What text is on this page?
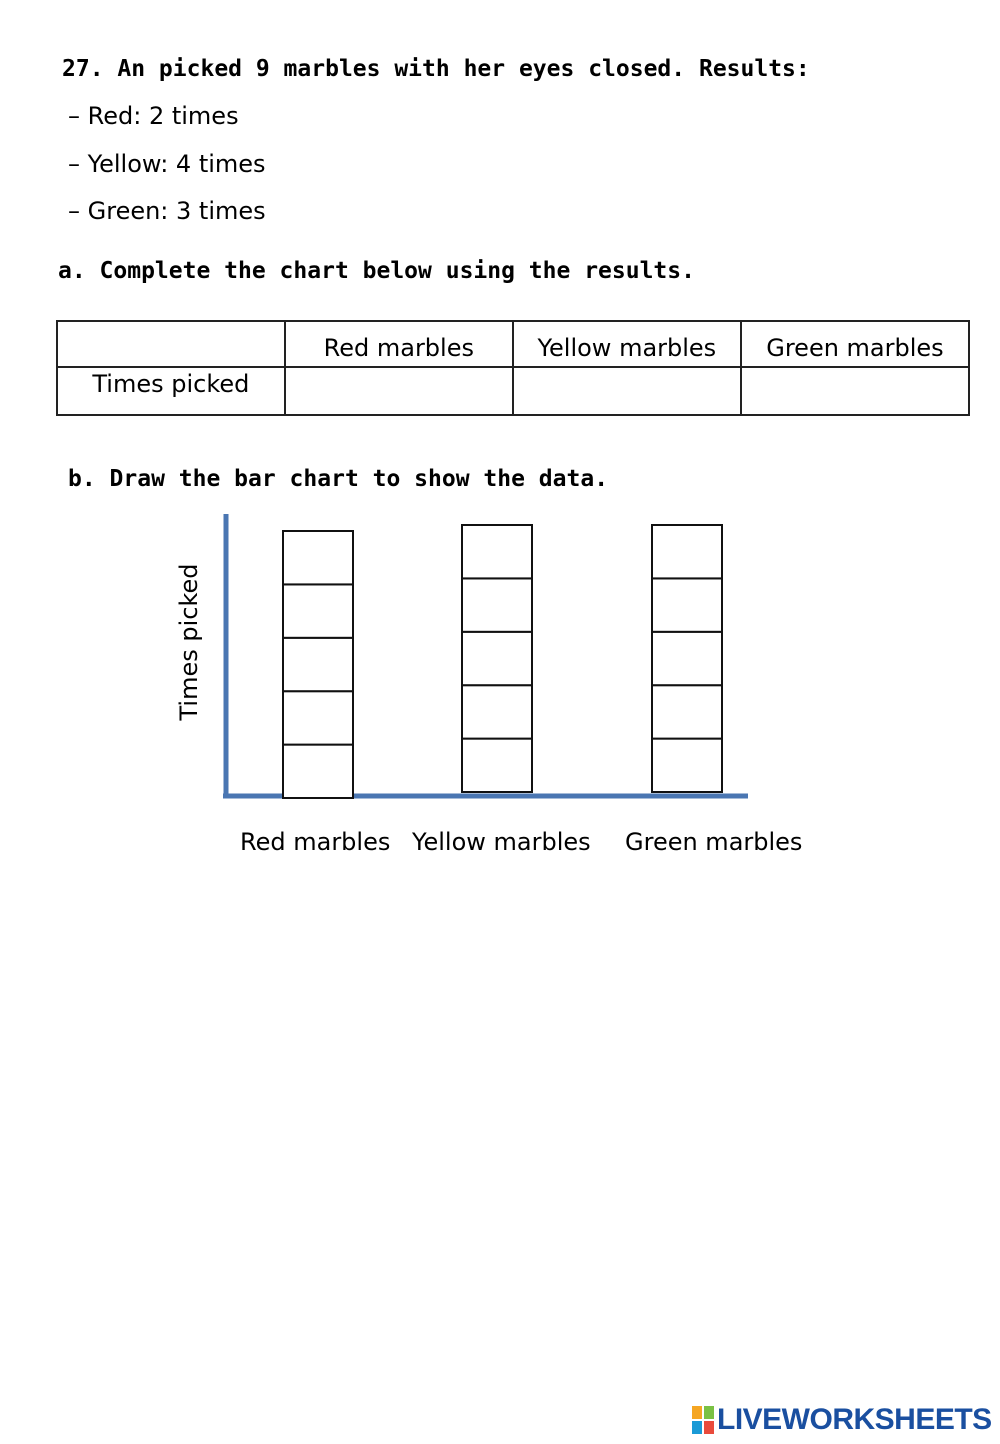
27. An picked 9 marbles with her eyes closed. Results:
– Red: 2 times
– Yellow: 4 times
– Green: 3 times
a. Complete the chart below using the results.
	Red marbles	Yellow marbles	Green marbles
Times picked			
b. Draw the bar chart to show the data.
Times picked
Red marbles Yellow marbles Green marbles
LIVEWORKSHEETS
